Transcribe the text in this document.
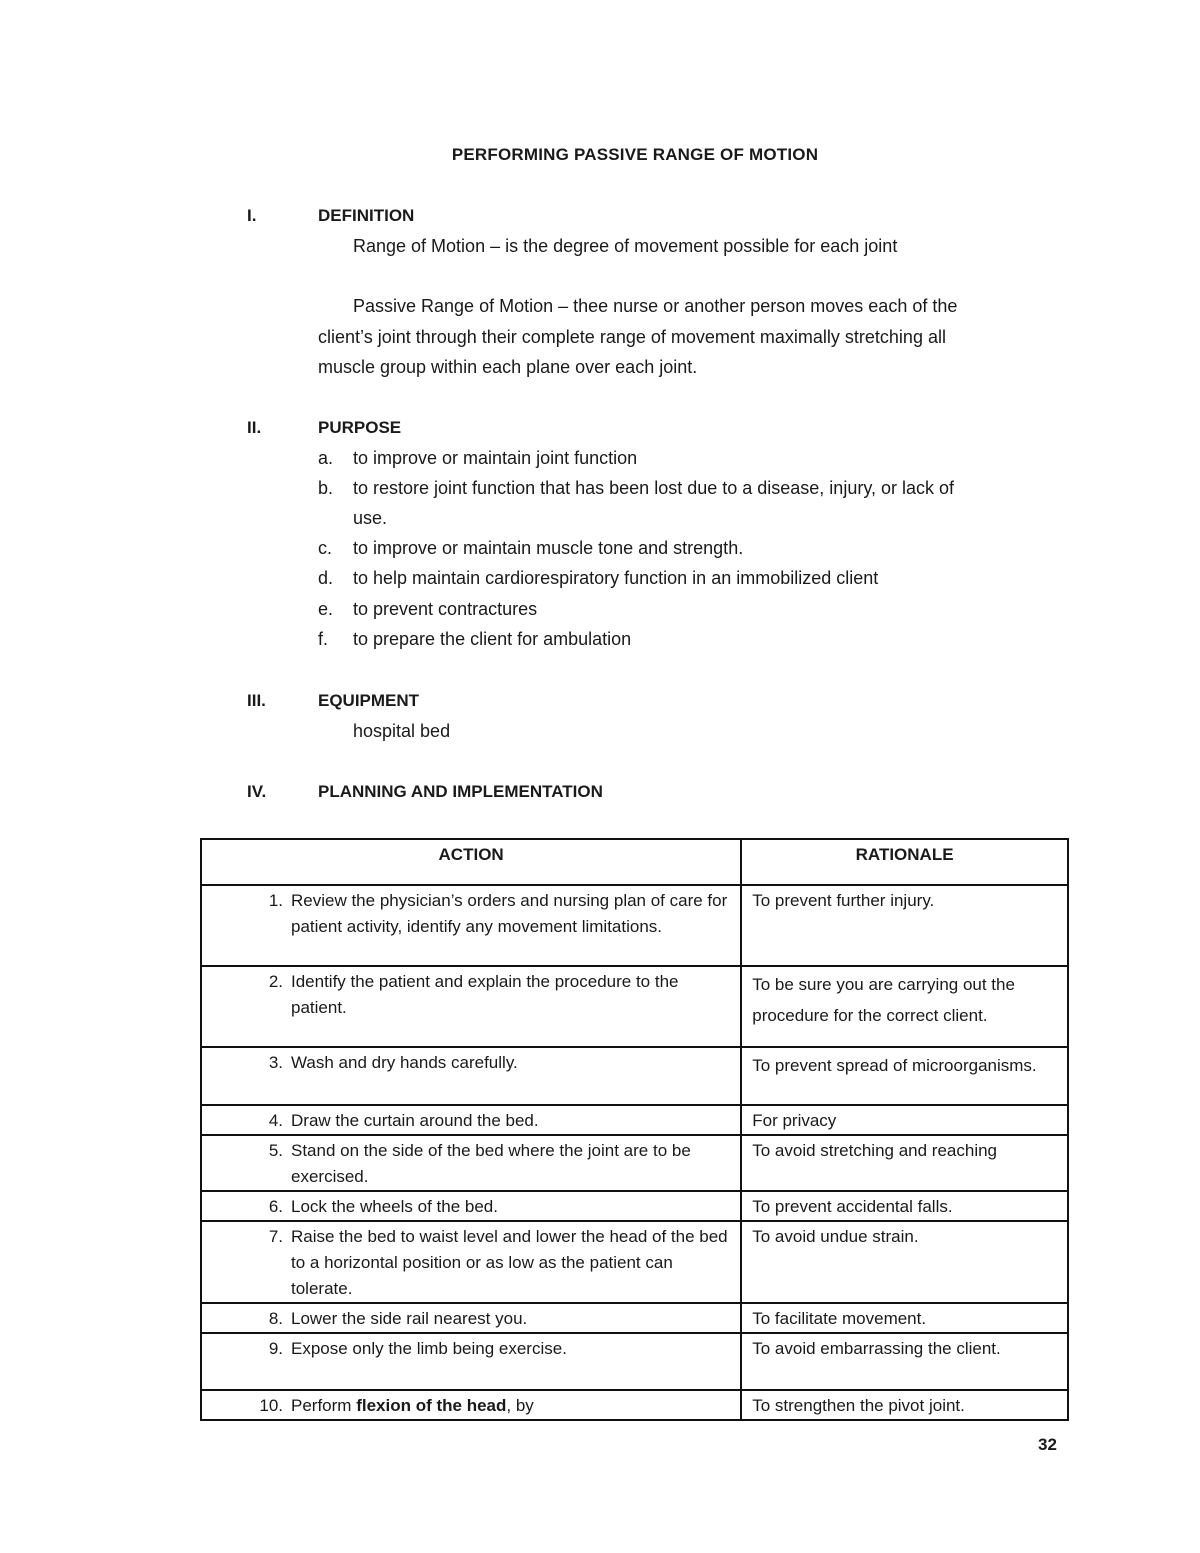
PERFORMING PASSIVE RANGE OF MOTION
I.	DEFINITION
Range of Motion – is the degree of movement possible for each joint
Passive Range of Motion – thee nurse or another person moves each of the
client’s joint through their complete range of movement maximally stretching all
muscle group within each plane over each joint.
II.	PURPOSE
a. to improve or maintain joint function
b. to restore joint function that has been lost due to a disease, injury, or lack of
use.
c. to improve or maintain muscle tone and strength.
d. to help maintain cardiorespiratory function in an immobilized client
e. to prevent contractures
f. to prepare the client for ambulation
III.	EQUIPMENT
hospital bed
IV.	PLANNING AND IMPLEMENTATION
ACTION	RATIONALE

1. Review the physician’s orders and nursing plan of care for patient activity, identify any movement limitations.	To prevent further injury.

2. Identify the patient and explain the procedure to the patient.	To be sure you are carrying out the procedure for the correct client.

3. Wash and dry hands carefully.	To prevent spread of microorganisms.

4. Draw the curtain around the bed.	For privacy

5. Stand on the side of the bed where the joint are to be exercised.	To avoid stretching and reaching

6. Lock the wheels of the bed.	To prevent accidental falls.

7. Raise the bed to waist level and lower the head of the bed to a horizontal position or as low as the patient can tolerate.	To avoid undue strain.

8. Lower the side rail nearest you.	To facilitate movement.

9. Expose only the limb being exercise.	To avoid embarrassing the client.

10. Perform flexion of the head, by	To strengthen the pivot joint.
32
